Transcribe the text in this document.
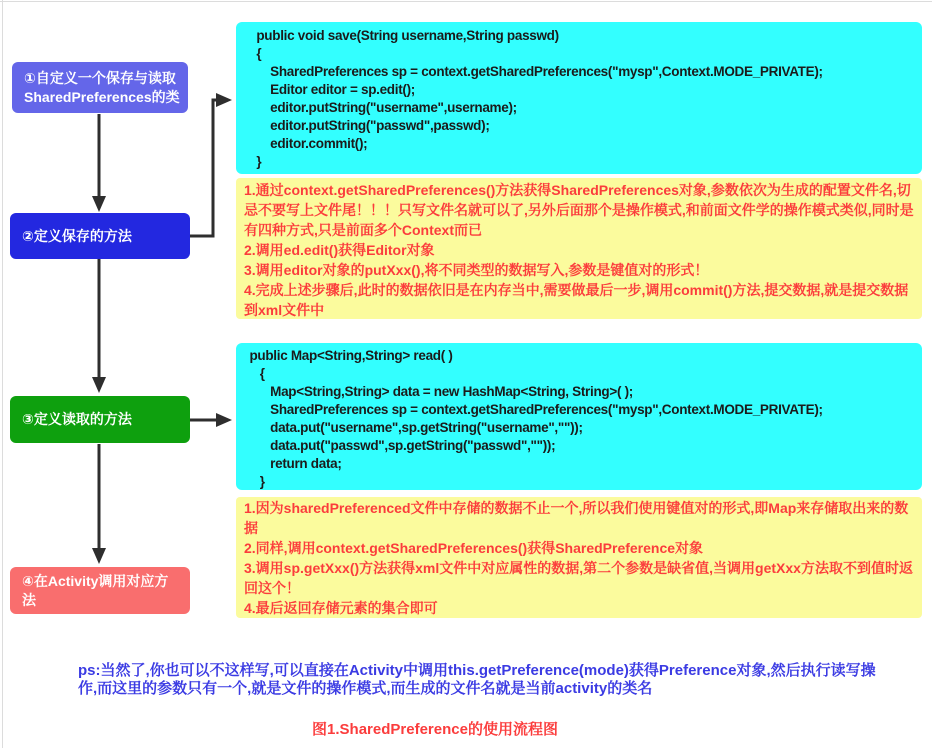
①自定义一个保存与读取SharedPreferences的类
②定义保存的方法
③定义读取的方法
④在Activity调用对应方法
public void save(String username,String passwd)
{
SharedPreferences sp = context.getSharedPreferences("mysp",Context.MODE_PRIVATE);
Editor editor = sp.edit();
editor.putString("username",username);
editor.putString("passwd",passwd);
editor.commit();
}
1.通过context.getSharedPreferences()方法获得SharedPreferences对象,参数依次为生成的配置文件名,切忌不要写上文件尾！！！只写文件名就可以了,另外后面那个是操作模式,和前面文件学的操作模式类似,同时是有四种方式,只是前面多个Context而已
2.调用ed.edit()获得Editor对象
3.调用editor对象的putXxx(),将不同类型的数据写入,参数是键值对的形式！
4.完成上述步骤后,此时的数据依旧是在内存当中,需要做最后一步,调用commit()方法,提交数据,就是提交数据到xml文件中
public Map<String,String> read( )
{
Map<String,String> data = new HashMap<String, String>( );
SharedPreferences sp = context.getSharedPreferences("mysp",Context.MODE_PRIVATE);
data.put("username",sp.getString("username",""));
data.put("passwd",sp.getString("passwd",""));
return data;
}
1.因为sharedPreferenced文件中存储的数据不止一个,所以我们使用键值对的形式,即Map来存储取出来的数据
2.同样,调用context.getSharedPreferences()获得SharedPreference对象
3.调用sp.getXxx()方法获得xml文件中对应属性的数据,第二个参数是缺省值,当调用getXxx方法取不到值时返回这个！
4.最后返回存储元素的集合即可
ps:当然了,你也可以不这样写,可以直接在Activity中调用this.getPreference(mode)获得Preference对象,然后执行读写操作,而这里的参数只有一个,就是文件的操作模式,而生成的文件名就是当前activity的类名
图1.SharedPreference的使用流程图
